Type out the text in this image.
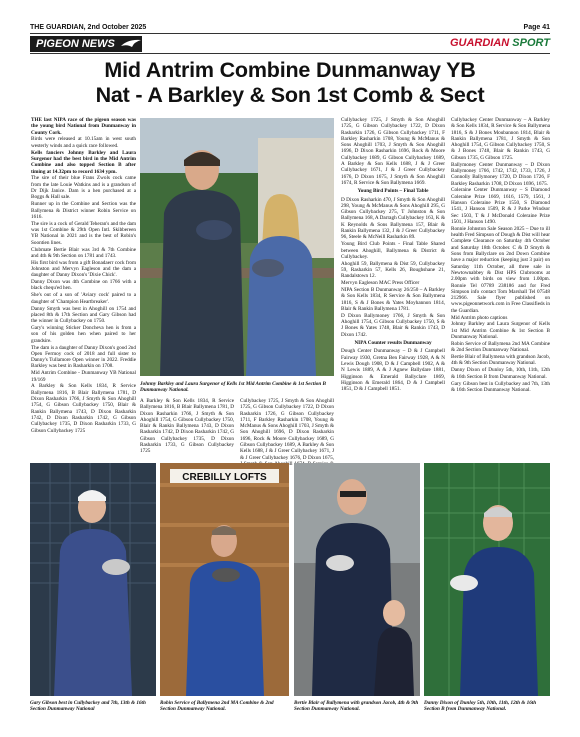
THE GUARDIAN, 2nd October 2025	Page 41
PIGEON NEWS	GUARDIAN SPORT
Mid Antrim Combine Dunmanway YB
Nat - A Barkley & Son 1st Comb & Sect

THE last NIPA race of the pigeon season was the young bird National from Dunmanway in County Cork.

Birds were released at 10.15am in west south westerly winds and a quick race followed.

Kells fanciers Johnny Barkley and Laura Surgenor had the best bird in the Mid Antrim Combine and also topped Section B after timing at 14.32pm to record 1634 ypm.

The sire of their blue Frans Zwols cock came from the late Louie Watkins and is a grandson of Dr Dijk Janice. Dam is a hen purchased at a Boggs & Hall sale.

Runner up in the Combine and Section was the Ballymena & District winner Robin Service on 1616.

The sire is a cock of Gerald Teheran's and the dam was 1st Combine & 29th Open Intl. Skibbereen YB National in 2021 and is the best of Robin's Soontien lines.

Clubmate Bertie Blair was 3rd & 7th Combine and 4th & 9th Section on 1781 and 1743.

His first bird was from a gift Bonadaerr cock from Johnston and Mervyn Eagleson and the dam a daughter of Danny Dixon's 'Dixie Chick'.

Danny Dixon was 4th Combine on 1766 with a black chequ'ed hen.

She's out of a son of 'Aviary cock' paired to a daughter of 'Champion Heartbreaker'.

Danny Smyth was best in Ahoghill on 1754 and placed 8th & 17th Section and Gary Gibson had the winner in Cullybackey on 1750.

Gary's winning Sticker Doncheva hen is from a son of his golden hen when paired to her grandsire.

The dam is a daughter of Danny Dixon's good 2nd Open Fermoy cock of 2018 and full sister to Danny's Tullamore Open winner in 2022. Freddie Barkley was best in Rasharkin on 1708.

Mid Antrim Combine - Dunmanway YB National 19/169

A Barkley & Son Kells 1834, R Service Ballymena 1816, B Blair Ballymena 1781, D Dixon Rasharkin 1766, J Smyth & Son Ahoghill 1754, G Gibson Cullybackey 1750, Blair & Rankin Ballymena 1743, D Dixon Rasharkin 1742, D Dixon Rasharkin 1742, G Gibson Cullybackey 1735, D Dixon Rasharkin 1733, G Gibson Cullybackey 1725

Johnny Barkley and Laura Surgenor of Kells 1st Mid Antrim Combine & 1st Section B Dunmanway National.

A Barkley & Son Kells 1834, R Service Ballymena 1816, B Blair Ballymena 1781, D Dixon Rasharkin 1766, J Smyth & Son Ahoghill 1754, G Gibson Cullybackey 1750, Blair & Rankin Ballymena 1743, D Dixon Rasharkin 1742, D Dixon Rasharkin 1742, G Gibson Cullybackey 1735, D Dixon Rasharkin 1733, G Gibson Cullybackey 1725

Cullybackey 1725, J Smyth & Son Ahoghill 1725, G Gibson Cullybackey 1722, D Dixon Rasharkin 1726, G Gibson Cullybackey 1711, F Barkley Rasharkin 1708, Young & McManus & Sons Ahoghill 1703, J Smyth & Son Ahoghill 1696, D Dixon Rasharkin 1696, Rock & Moore Cullybackey 1689, G Gibson Cullybackey 1689, A Barkley & Son Kells 1688, J & J Greer Cullybackey 1671, J & J Greer Cullybackey 1676, D Dixon 1675,

Cullybackey 1725, J Smyth & Son Ahoghill 1725, G Gibson Cullybackey 1722, D Dixon Rasharkin 1726, G Gibson Cullybackey 1711, F Barkley Rasharkin 1708, Young & McManus & Sons Ahoghill 1703, J Smyth & Son Ahoghill 1696, D Dixon Rasharkin 1696, Rock & Moore Cullybackey 1689, G Gibson Cullybackey 1689, A Barkley & Son Kells 1688, J & J Greer Cullybackey 1671, J & J Greer Cullybackey 1676, D Dixon 1675, J Smyth & Son Ahoghill 1674, R Service & Son Ballymena 1669.

Young Bird Points – Final Table

D Dixon Rasharkin 470, J Smyth & Son Ahoghill 298, Young & McManus & Sons Ahoghill 295, G Gibson Cullybackey 275, T Johnston & Son Ballymena 168, A Darragh Cullybackey 163, K & K Reynolds & Sons Ballymena 157, Blair & Rankin Ballymena 132, J & J Greer Cullybackey 96, Steele & McNeill Rasharkin 89.

Young Bird Club Points - Final Table Shared between Ahoghill, Ballymena & District & Cullybackey.

Ahoghill 59, Ballymena & Dist 59, Cullybackey 59, Rasharkin 57, Kells 26, Boughshane 21, Randalstown 12.

Mervyn Eagleson MAC Press Officer

NIPA Section B Dunmanway 26/250 – A Barkley & Son Kells 1834, R Service & Son Ballymena 1816, S & J Bones & Yates Moyhannon 1814, Blair & Rankin Ballymena 1781.

D Dixon Ballymoney 1766, J Smyth & Son Ahoghill 1754, G Gibson Cullybackey 1750, S & J Bones & Yates 1748, Blair & Rankin 1743, D Dixon 1742.

NIPA Counter results Dunmanway

Dough Center Dunmanway – D & J Campbell Fairway 1930, Gretna Ben Fairway 1928, A & N Lewis Dough 1908, D & J Campbell 1902, A & N Lewis 1889, A & J Agnew Ballydare 1881, Higginson & Emerald Ballyclare 1869, Higginson & Emerald 1864, D & J Campbell 1851, D & J Campbell 1851.

Cullybackey Center Dunmanway – A Barkley & Son Kells 1834, R Service & Son Ballymena 1816, S & J Bones Moubannon 1814, Blair & Rankin Ballymena 1781, J Smyth & Son Ahoghill 1754, G Gibson Cullybackey 1750, S & J Bones 1748, Blair & Rankin 1743, G Gibson 1735, G Gibson 1725.

Ballymoney Center Dunmanway – D Dixon Ballymoney 1766, 1742, 1742, 1733, 1726, J Connolly Ballymoney 1720, D Dixon 1726, F Barkley Rasharkin 1708, D Dixon 1696, 1675.

Coleraine Center Dunmanway – S Diamond Coleraine Prize 1669, 1616, 1579, 1561, J Hanson Coleraine Prize 1550, S Diamond 1541, J Hanson 1509, R & J Parke Windsor Sec 1503, T & J McDonald Coleraine Prize 1501, J Hanson 1490.

Ronnie Johnston Sale Season 2025 – Due to ill health Fred Simpson of Dough & Dist will hear Complete Clearance on Saturday 4th October and Saturday 18th October. C & D Smyth & Sons from Ballyclare on 2nd Down Combine have a major reduction (keeping just 3 pair) on Saturday 11th October, all three sale in Newtownabbey & Dist HPS Clubrooms at 2.00pm with birds on view from 1.00pm. Ronnie Tel 07789 238186 and for Fred Simpson info contact Tom Marshall Tel 07548 212966. Sale flyer published on www.pigeonnetwork.com in Free Classifieds in the Guardian.

Mid Antrim photo captions

Johnny Barkley and Laura Surgenor of Kells 1st Mid Antrim Combine & 1st Section B Dunmanway National.

Robin Service of Ballymena 2nd MA Combine & 2nd Section Dunmanway National.

Bertie Blair of Ballymena with grandson Jacob, 4th & 9th Section Dunmanway National.

Danny Dixon of Dunloy 5th, 10th, 11th, 12th & 16th Section B from Dunmanway National.

Gary Gibson best in Cullybackey and 7th, 13th & 16th Section Dunmanway National.

CREBILLY LOFTS
Gary Gibson best in Cullybackey and 7th, 13th & 16th Section Dunmanway National
Robin Service of Ballymena 2nd MA Combine & 2nd Section Dunmanway National.
Bertie Blair of Ballymena with grandson Jacob, 4th & 9th Section Dunmanway National.
Danny Dixon of Dunloy 5th, 10th, 11th, 12th & 16th Section B from Dunmanway National.
